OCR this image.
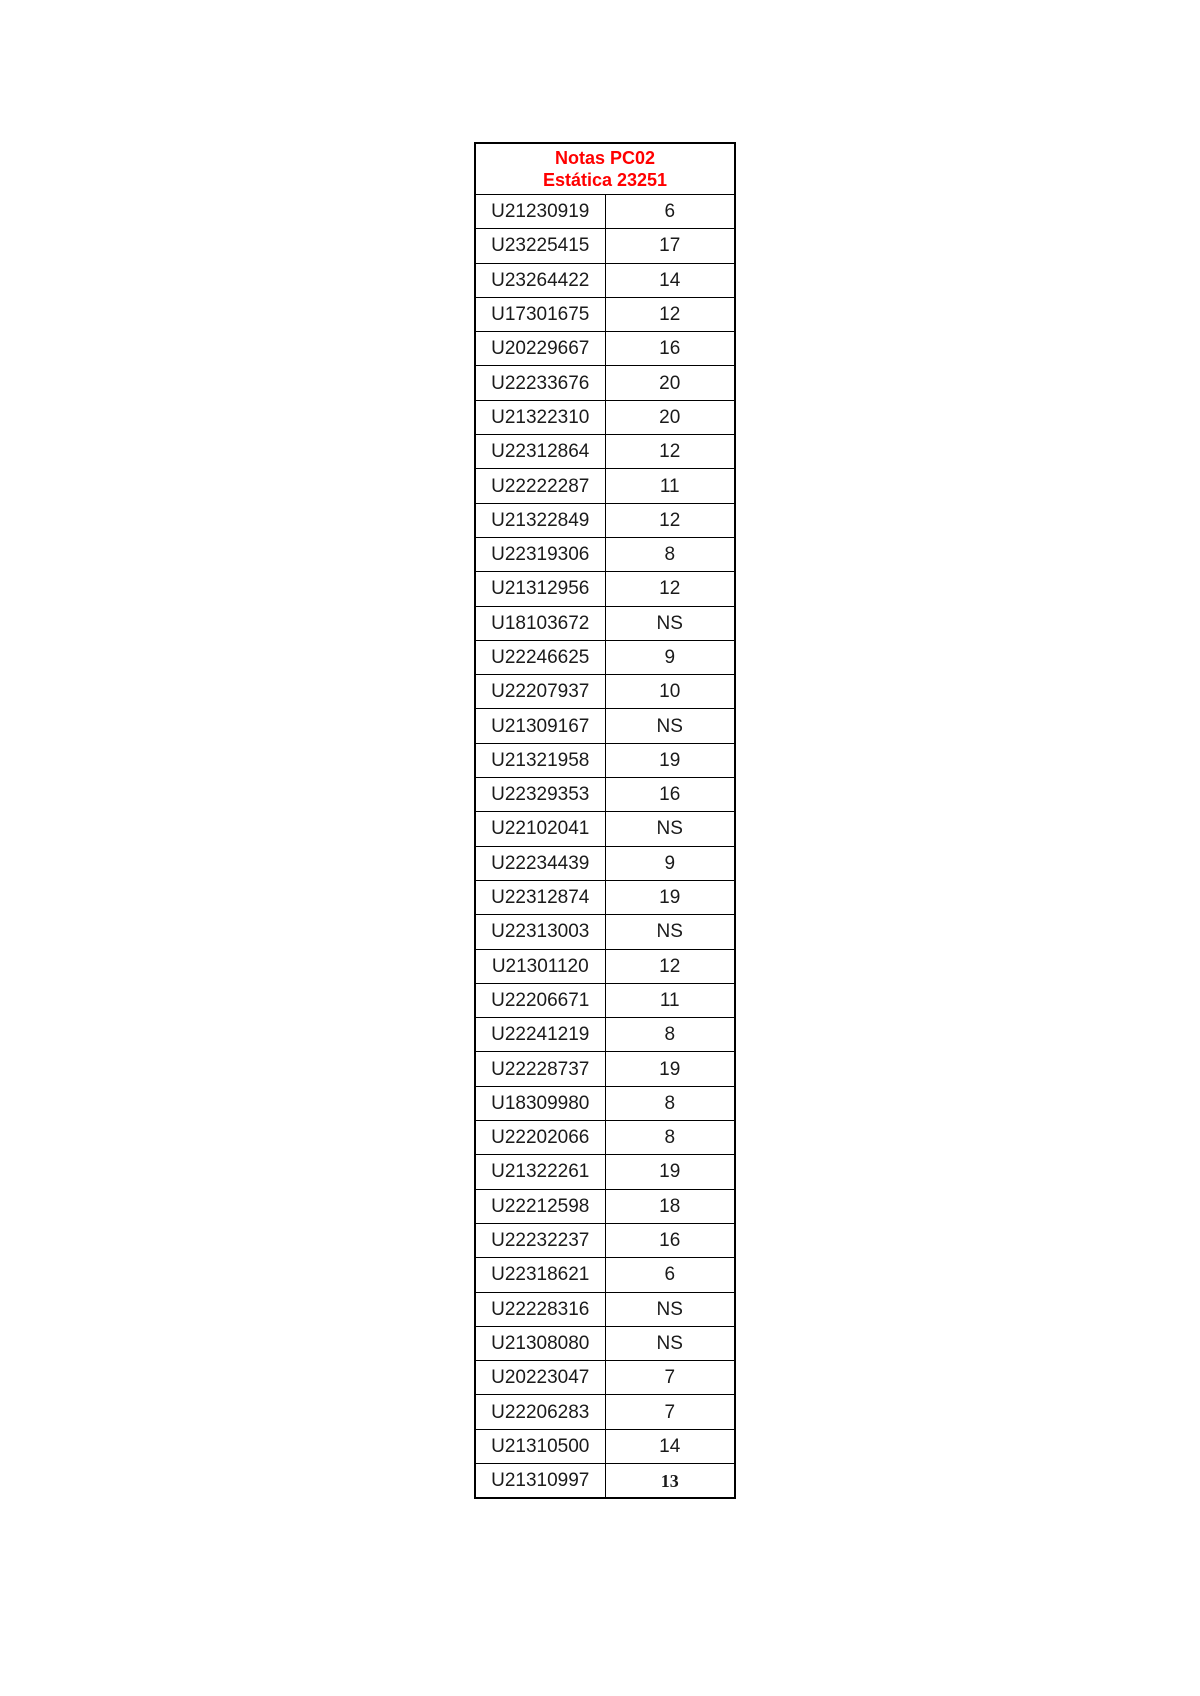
Notas PC02
Estática 23251	

U21230919	6
U23225415	17
U23264422	14
U17301675	12
U20229667	16
U22233676	20
U21322310	20
U22312864	12
U22222287	11
U21322849	12
U22319306	8
U21312956	12
U18103672	NS
U22246625	9
U22207937	10
U21309167	NS
U21321958	19
U22329353	16
U22102041	NS
U22234439	9
U22312874	19
U22313003	NS
U21301120	12
U22206671	11
U22241219	8
U22228737	19
U18309980	8
U22202066	8
U21322261	19
U22212598	18
U22232237	16
U22318621	6
U22228316	NS
U21308080	NS
U20223047	7
U22206283	7
U21310500	14
U21310997	13
